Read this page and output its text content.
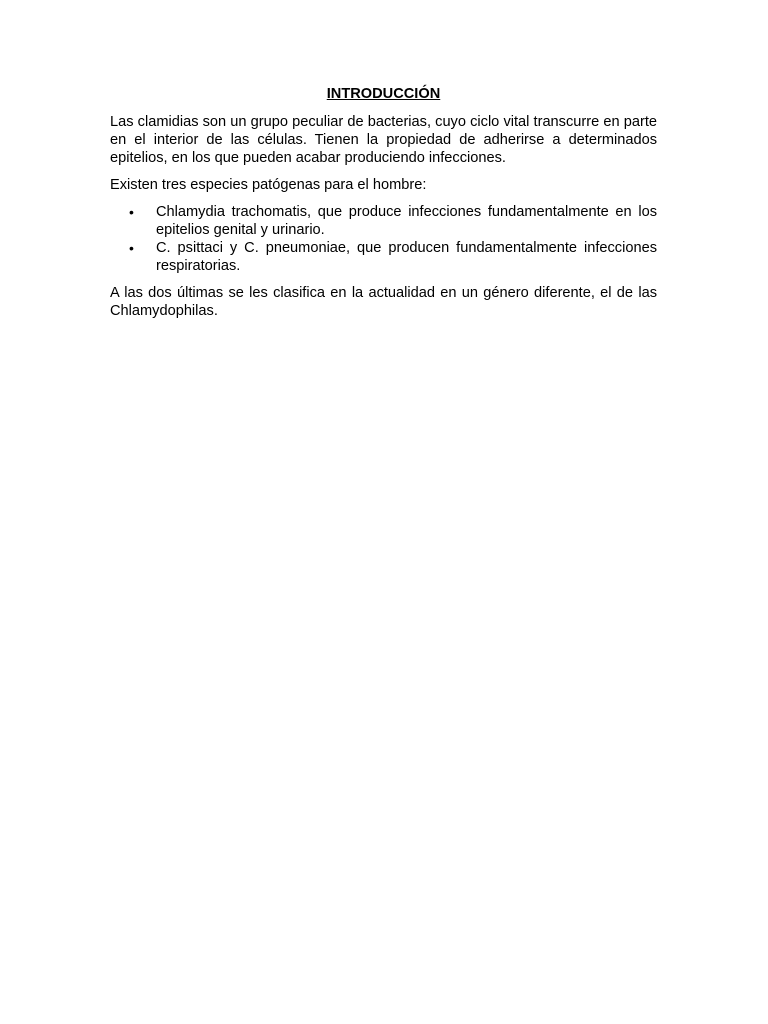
INTRODUCCIÓN

Las clamidias son un grupo peculiar de bacterias, cuyo ciclo vital transcurre en parte en el interior de las células. Tienen la propiedad de adherirse a determinados epitelios, en los que pueden acabar produciendo infecciones.

Existen tres especies patógenas para el hombre:

• Chlamydia trachomatis, que produce infecciones fundamentalmente en los epitelios genital y urinario.
• C. psittaci y C. pneumoniae, que producen fundamentalmente infecciones respiratorias.

A las dos últimas se les clasifica en la actualidad en un género diferente, el de las Chlamydophilas.
